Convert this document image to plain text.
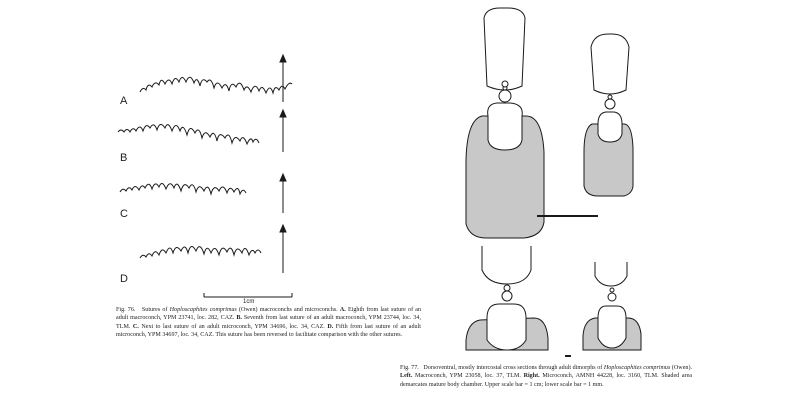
A
B
C
D
1cm
Fig. 76. Sutures of Hoploscaphites comprimus (Owen) macroconchs and microconchs. A. Eighth from last suture of an adult macroconch, YPM 23741, loc. 282, CAZ. B. Seventh from last suture of an adult macroconch, YPM 23744, loc. 34, TLM. C. Next to last suture of an adult microconch, YPM 34696, loc. 34, CAZ. D. Fifth from last suture of an adult microconch, YPM 34697, loc. 34, CAZ. This suture has been reversed to facilitate comparison with the other sutures.
Fig. 77. Dorsoventral, mostly intercostal cross sections through adult dimorphs of Hoploscaphites comprimus (Owen). Left. Macroconch, YPM 23058, loc. 37, TLM. Right. Microconch, AMNH 44228, loc. 3160, TLM. Shaded area demarcates mature body chamber. Upper scale bar = 1 cm; lower scale bar = 1 mm.
